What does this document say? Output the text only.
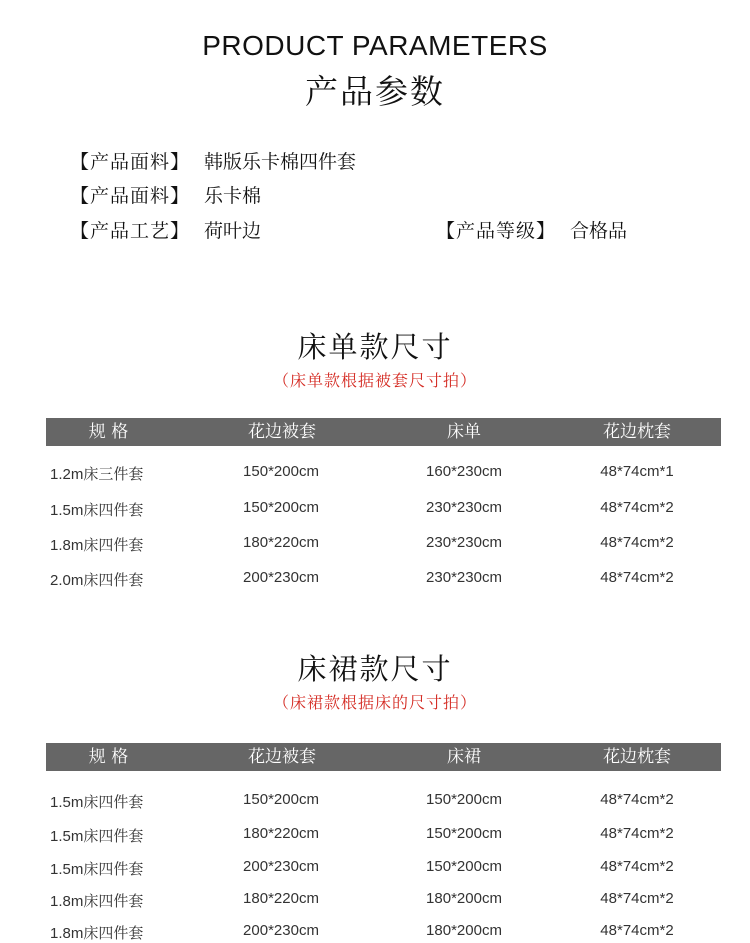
PRODUCT PARAMETERS
产品参数
【产品面料】 韩版乐卡棉四件套
【产品面料】 乐卡棉
【产品工艺】 荷叶边	【产品等级】 合格品
床单款尺寸
（床单款根据被套尺寸拍）
规 格	花边被套	床单	花边枕套
1.2m床三件套	150*200cm	160*230cm	48*74cm*1
1.5m床四件套	150*200cm	230*230cm	48*74cm*2
1.8m床四件套	180*220cm	230*230cm	48*74cm*2
2.0m床四件套	200*230cm	230*230cm	48*74cm*2
床裙款尺寸
（床裙款根据床的尺寸拍）
规 格	花边被套	床裙	花边枕套
1.5m床四件套	150*200cm	150*200cm	48*74cm*2
1.5m床四件套	180*220cm	150*200cm	48*74cm*2
1.5m床四件套	200*230cm	150*200cm	48*74cm*2
1.8m床四件套	180*220cm	180*200cm	48*74cm*2
1.8m床四件套	200*230cm	180*200cm	48*74cm*2
